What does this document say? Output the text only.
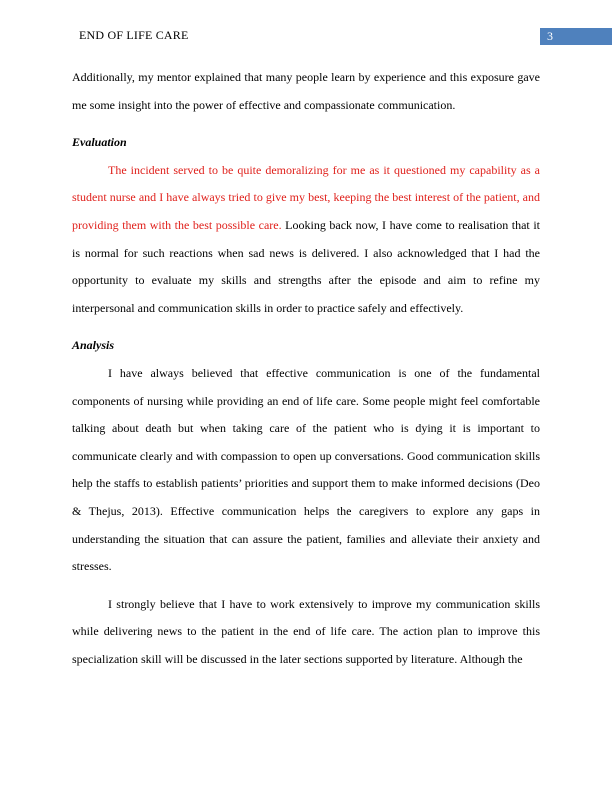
END OF LIFE CARE	3

Additionally, my mentor explained that many people learn by experience and this exposure gave me some insight into the power of effective and compassionate communication.

Evaluation

The incident served to be quite demoralizing for me as it questioned my capability as a student nurse and I have always tried to give my best, keeping the best interest of the patient, and providing them with the best possible care. Looking back now, I have come to realisation that it is normal for such reactions when sad news is delivered. I also acknowledged that I had the opportunity to evaluate my skills and strengths after the episode and aim to refine my interpersonal and communication skills in order to practice safely and effectively.

Analysis

I have always believed that effective communication is one of the fundamental components of nursing while providing an end of life care. Some people might feel comfortable talking about death but when taking care of the patient who is dying it is important to communicate clearly and with compassion to open up conversations. Good communication skills help the staffs to establish patients’ priorities and support them to make informed decisions (Deo & Thejus, 2013). Effective communication helps the caregivers to explore any gaps in understanding the situation that can assure the patient, families and alleviate their anxiety and stresses.

I strongly believe that I have to work extensively to improve my communication skills while delivering news to the patient in the end of life care. The action plan to improve this specialization skill will be discussed in the later sections supported by literature. Although the
